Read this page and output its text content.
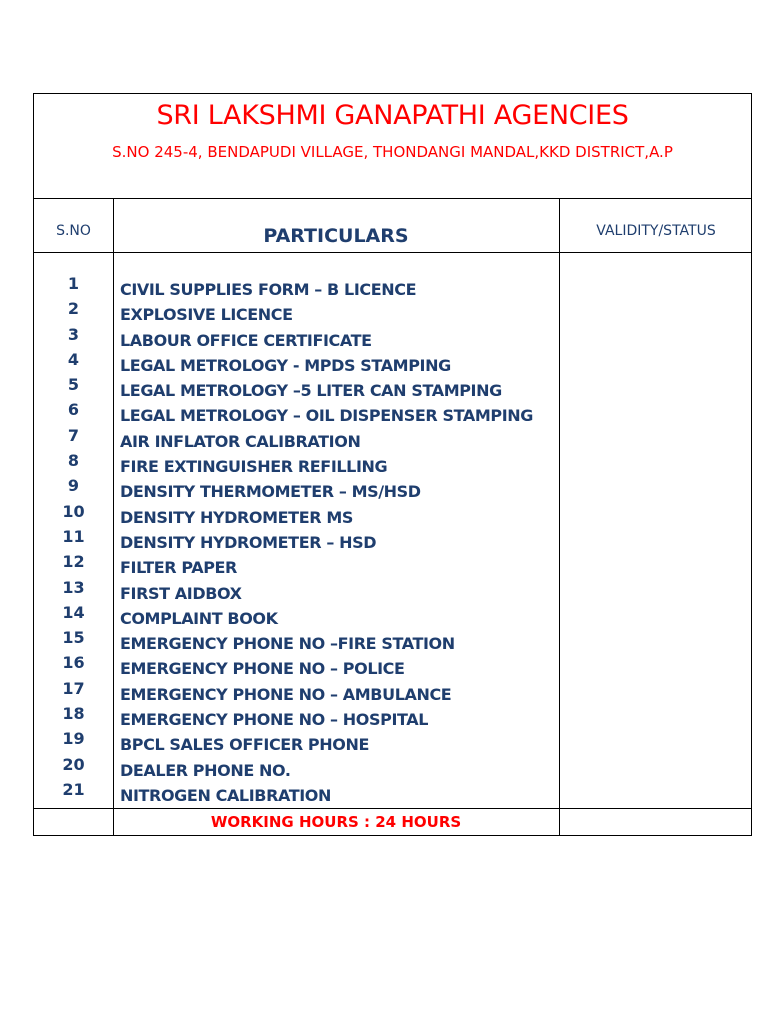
SRI LAKSHMI GANAPATHI AGENCIES
S.NO 245-4, BENDAPUDI VILLAGE, THONDANGI MANDAL,KKD DISTRICT,A.P
S.NO	PARTICULARS	VALIDITY/STATUS
1
2
3
4
5
6
7
8
9
10
11
12
13
14
15
16
17
18
19
20
21
CIVIL SUPPLIES FORM – B LICENCE
EXPLOSIVE LICENCE
LABOUR OFFICE CERTIFICATE
LEGAL METROLOGY - MPDS STAMPING
LEGAL METROLOGY –5 LITER CAN STAMPING
LEGAL METROLOGY – OIL DISPENSER STAMPING
AIR INFLATOR CALIBRATION
FIRE EXTINGUISHER REFILLING
DENSITY THERMOMETER – MS/HSD
DENSITY HYDROMETER MS
DENSITY HYDROMETER – HSD
FILTER PAPER
FIRST AIDBOX
COMPLAINT BOOK
EMERGENCY PHONE NO –FIRE STATION
EMERGENCY PHONE NO – POLICE
EMERGENCY PHONE NO – AMBULANCE
EMERGENCY PHONE NO – HOSPITAL
BPCL SALES OFFICER PHONE
DEALER PHONE NO.
NITROGEN CALIBRATION
WORKING HOURS : 24 HOURS
